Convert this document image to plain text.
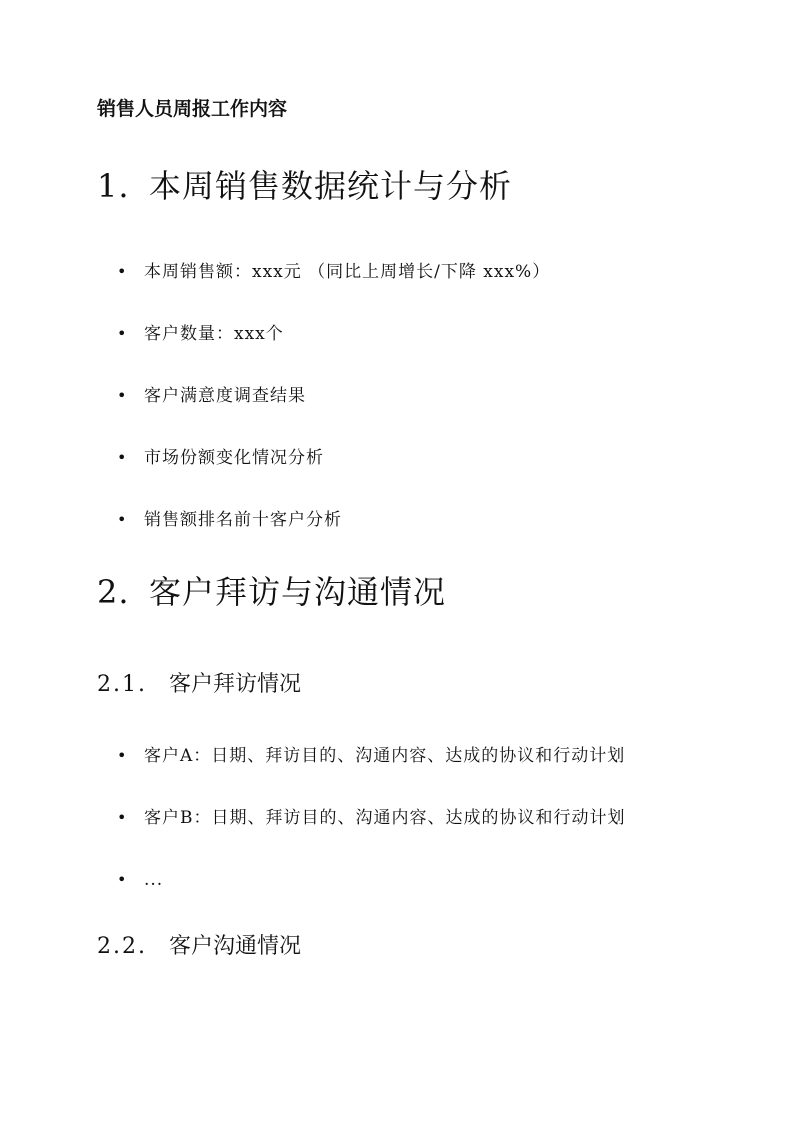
销售人员周报工作内容

1. 本周销售数据统计与分析
• 本周销售额：xxx元 （同比上周增长/下降 xxx%）
• 客户数量：xxx个
• 客户满意度调查结果
• 市场份额变化情况分析
• 销售额排名前十客户分析
2. 客户拜访与沟通情况
2.1. 客户拜访情况
• 客户A：日期、拜访目的、沟通内容、达成的协议和行动计划
• 客户B：日期、拜访目的、沟通内容、达成的协议和行动计划
• ...
2.2. 客户沟通情况
